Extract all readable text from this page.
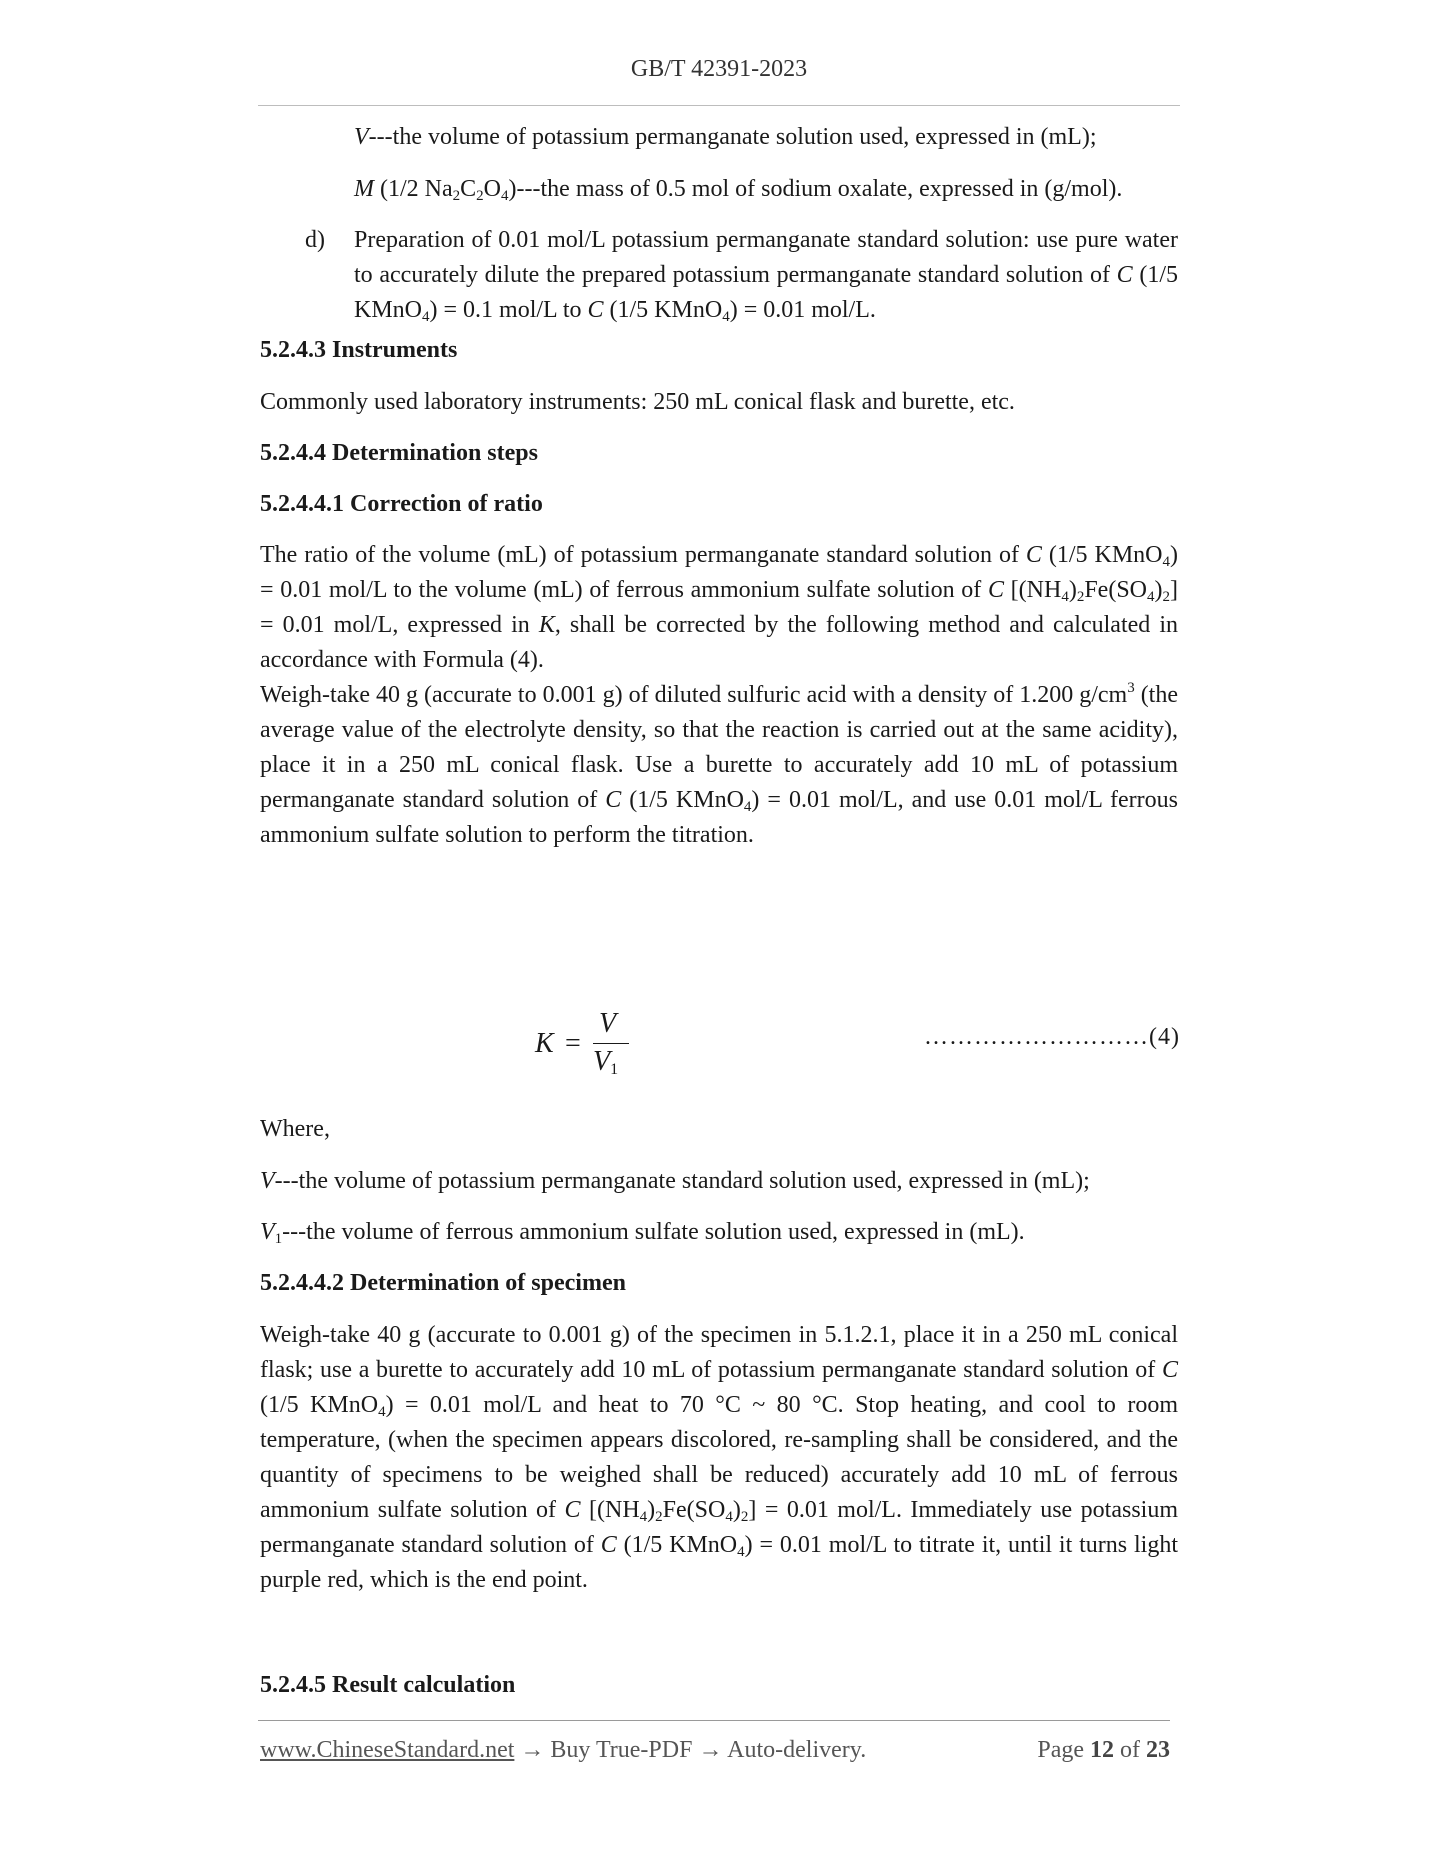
GB/T 42391-2023
V---the volume of potassium permanganate solution used, expressed in (mL);
M (1/2 $Na_2C_2O_4)--$-the mass of 0.5 mol of sodium oxalate, expressed in (g/mol).
d) Preparation of 0.01 mol/L potassium permanganate standard solution: use pure water to accurately dilute the prepared potassium permanganate standard solution of C (1/5 KMnO$_4$) = 0.1 mol/L to C (1/5 KMnO$_4$) = 0.01 mol/L.
5.2.4.3 Instruments
Commonly used laboratory instruments: 250 mL conical flask and burette, etc.
5.2.4.4 Determination steps
5.2.4.4.1 Correction of ratio
The ratio of the volume (mL) of potassium permanganate standard solution of C (1/5 KMnO$_4$) = 0.01 mol/L to the volume (mL) of ferrous ammonium sulfate solution of C $[(NH_4)_2Fe(SO_4)_2] = 0.01$ mol/L, expressed in K, shall be corrected by the following method and calculated in accordance with Formula (4).
Weigh-take 40 g (accurate to 0.001 g) of diluted sulfuric acid with a density of 1.200 $g/cm^3$ (the average value of the electrolyte density, so that the reaction is carried out at the same acidity), place it in a 250 mL conical flask. Use a burette to accurately add 10 mL of potassium permanganate standard solution of C (1/5 KMnO$_4$) = 0.01 mol/L, and use 0.01 mol/L ferrous ammonium sulfate solution to perform the titration.
K =
V
$V_1$
………………………(4)
Where,
V---the volume of potassium permanganate standard solution used, expressed in (mL);
$V_1--$-the volume of ferrous ammonium sulfate solution used, expressed in (mL).
5.2.4.4.2 Determination of specimen
Weigh-take 40 g (accurate to 0.001 g) of the specimen in 5.1.2.1, place it in a 250 mL conical flask; use a burette to accurately add 10 mL of potassium permanganate standard solution of C (1/5 KMnO$_4$) = 0.01 mol/L and heat to 70 °C ~ 80 °C. Stop heating, and cool to room temperature, (when the specimen appears discolored, re-sampling shall be considered, and the quantity of specimens to be weighed shall be reduced) accurately add 10 mL of ferrous ammonium sulfate solution of C $[(NH_4)_2Fe(SO_4)_2] = 0.01$ mol/L. Immediately use potassium permanganate standard solution of C (1/5 KMnO$_4$) = 0.01 mol/L to titrate it, until it turns light purple red, which is the end point.
5.2.4.5 Result calculation
www.ChineseStandard.net → Buy True-PDF → Auto-delivery.	Page 12 of 23
